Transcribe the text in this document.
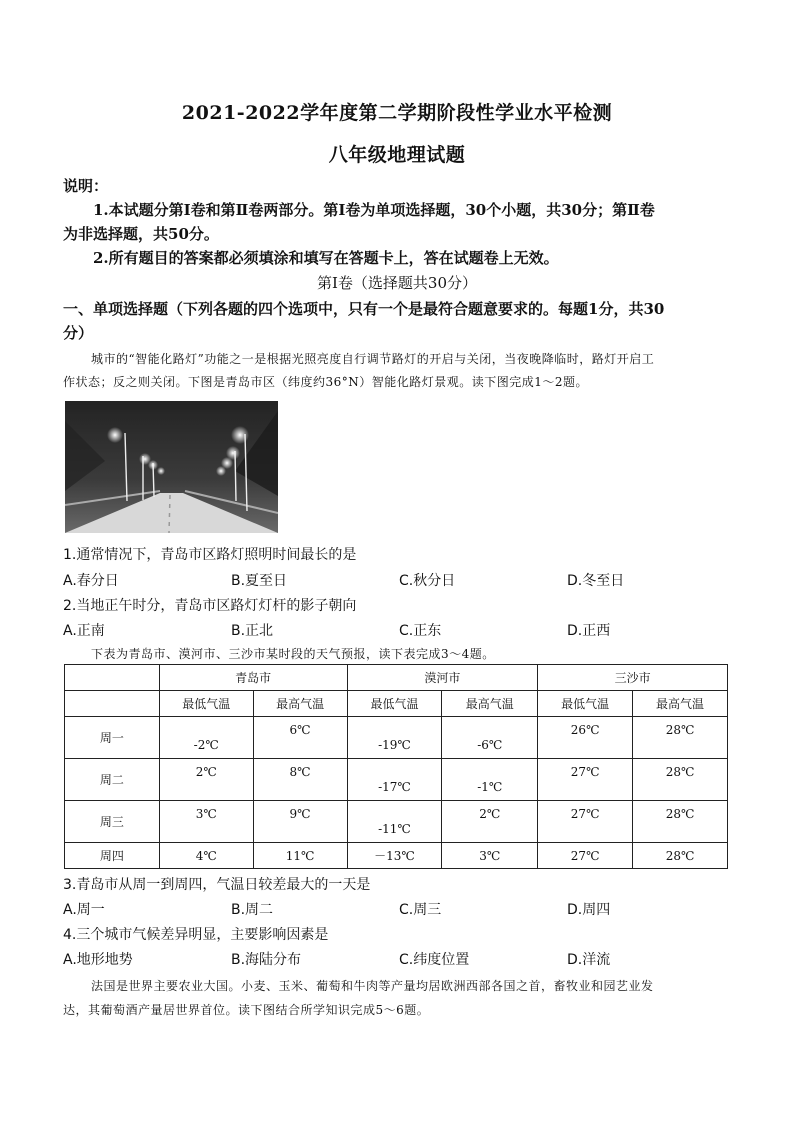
2021-2022学年度第二学期阶段性学业水平检测
八年级地理试题
说明：
1.本试题分第Ⅰ卷和第Ⅱ卷两部分。第Ⅰ卷为单项选择题，30个小题，共30分；第Ⅱ卷
为非选择题，共50分。
2.所有题目的答案都必须填涂和填写在答题卡上，答在试题卷上无效。
第Ⅰ卷（选择题共30分）
一、单项选择题（下列各题的四个选项中，只有一个是最符合题意要求的。每题1分，共30
分）
城市的“智能化路灯”功能之一是根据光照亮度自行调节路灯的开启与关闭，当夜晚降临时，路灯开启工
作状态；反之则关闭。下图是青岛市区（纬度约36°N）智能化路灯景观。读下图完成1～2题。
1.通常情况下，青岛市区路灯照明时间最长的是
A.春分日	B.夏至日	C.秋分日	D.冬至日
2.当地正午时分，青岛市区路灯灯杆的影子朝向
A.正南	B.正北	C.正东	D.正西
下表为青岛市、漠河市、三沙市某时段的天气预报，读下表完成3～4题。
	青岛市		漠河市		三沙市	
	最低气温	最高气温	最低气温	最高气温	最低气温	最高气温
周一	-2℃	6℃	-19℃	-6℃	26℃	28℃
周二	2℃	8℃	-17℃	-1℃	27℃	28℃
周三	3℃	9℃	-11℃	2℃	27℃	28℃
周四	4℃	11℃	－13℃	3℃	27℃	28℃
3.青岛市从周一到周四，气温日较差最大的一天是
A.周一	B.周二	C.周三	D.周四
4.三个城市气候差异明显，主要影响因素是
A.地形地势	B.海陆分布	C.纬度位置	D.洋流
法国是世界主要农业大国。小麦、玉米、葡萄和牛肉等产量均居欧洲西部各国之首，畜牧业和园艺业发
达，其葡萄酒产量居世界首位。读下图结合所学知识完成5～6题。
